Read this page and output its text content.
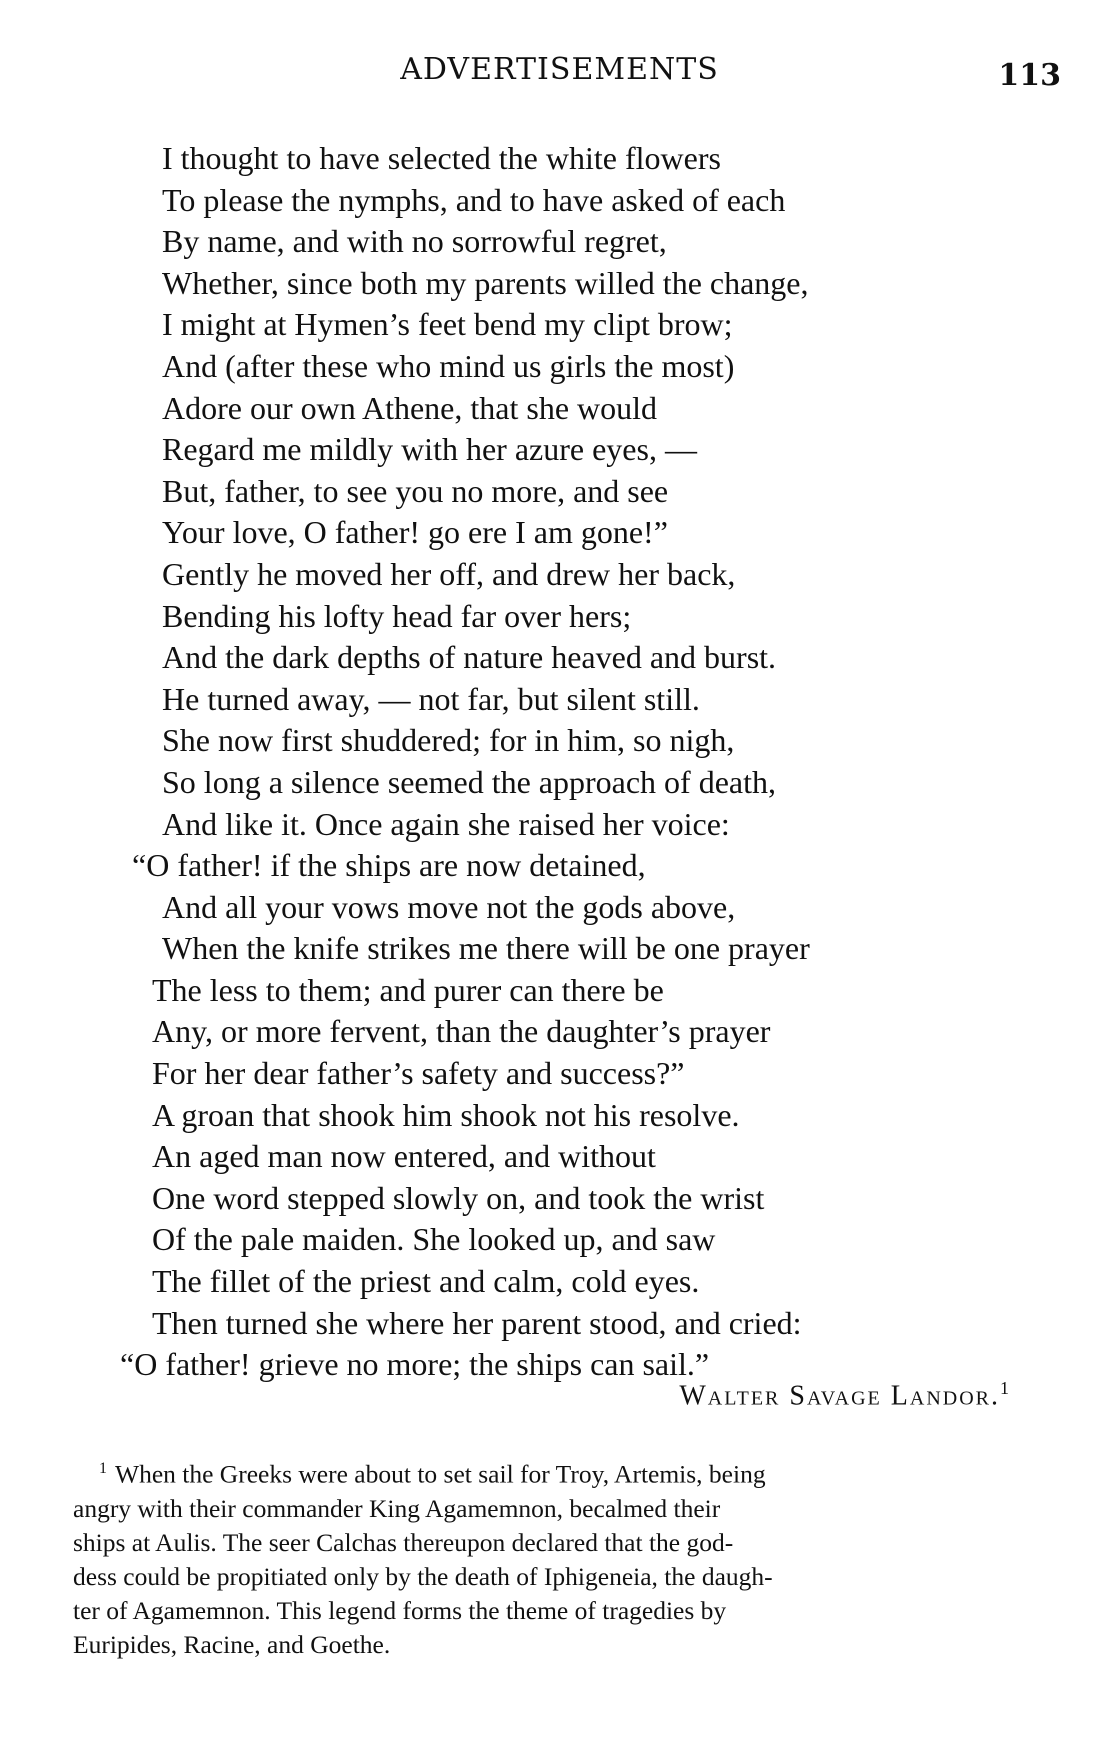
ADVERTISEMENTS	113
I thought to have selected the white flowers
To please the nymphs, and to have asked of each
By name, and with no sorrowful regret,
Whether, since both my parents willed the change,
I might at Hymen’s feet bend my clipt brow;
And (after these who mind us girls the most)
Adore our own Athene, that she would
Regard me mildly with her azure eyes, —
But, father, to see you no more, and see
Your love, O father! go ere I am gone!”
Gently he moved her off, and drew her back,
Bending his lofty head far over hers;
And the dark depths of nature heaved and burst.
He turned away, — not far, but silent still.
She now first shuddered; for in him, so nigh,
So long a silence seemed the approach of death,
And like it. Once again she raised her voice:
“O father! if the ships are now detained,
And all your vows move not the gods above,
When the knife strikes me there will be one prayer
The less to them; and purer can there be
Any, or more fervent, than the daughter’s prayer
For her dear father’s safety and success?”
A groan that shook him shook not his resolve.
An aged man now entered, and without
One word stepped slowly on, and took the wrist
Of the pale maiden. She looked up, and saw
The fillet of the priest and calm, cold eyes.
Then turned she where her parent stood, and cried:
“O father! grieve no more; the ships can sail.”
Walter Savage Landor.$^1$
$^1$ When the Greeks were about to set sail for Troy, Artemis, being
angry with their commander King Agamemnon, becalmed their
ships at Aulis. The seer Calchas thereupon declared that the god-
dess could be propitiated only by the death of Iphigeneia, the daugh-
ter of Agamemnon. This legend forms the theme of tragedies by
Euripides, Racine, and Goethe.
